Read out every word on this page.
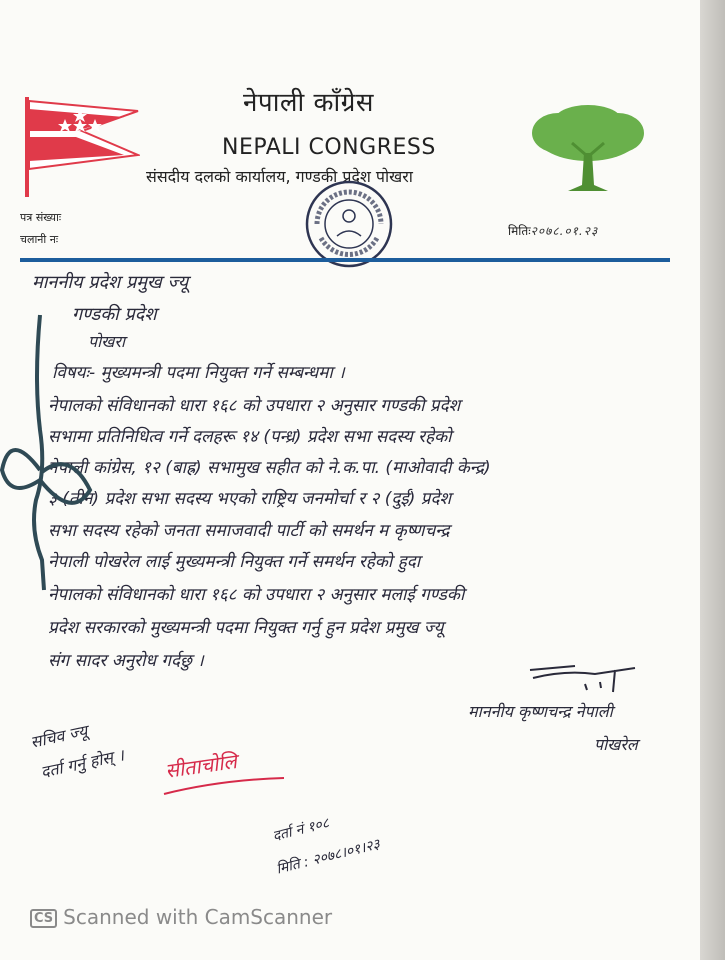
नेपाली काँग्रेस
NEPALI CONGRESS
संसदीय दलको कार्यालय, गण्डकी प्रदेश पोखरा
पत्र संख्याः
चलानी नः
मितिः२०७८.०१.२३
माननीय प्रदेश प्रमुख ज्यू
गण्डकी प्रदेश
पोखरा
विषयः- मुख्यमन्त्री पदमा नियुक्त गर्ने सम्बन्धमा ।
नेपालको संविधानको धारा १६८ को उपधारा २ अनुसार गण्डकी प्रदेश
सभामा प्रतिनिधित्व गर्ने दलहरू १४ (पन्ध्र) प्रदेश सभा सदस्य रहेको
नेपाली कांग्रेस, १२ (बाह्र) सभामुख सहीत को ने.क.पा. (माओवादी केन्द्र)
३ (तीन) प्रदेश सभा सदस्य भएको राष्ट्रिय जनमोर्चा र २ (दुई) प्रदेश
सभा सदस्य रहेको जनता समाजवादी पार्टी को समर्थन म कृष्णचन्द्र
नेपाली पोखरेल लाई मुख्यमन्त्री नियुक्त गर्ने समर्थन रहेको हुदा
नेपालको संविधानको धारा १६८ को उपधारा २ अनुसार मलाई गण्डकी
प्रदेश सरकारको मुख्यमन्त्री पदमा नियुक्त गर्नु हुन प्रदेश प्रमुख ज्यू
संग सादर अनुरोध गर्दछु ।
माननीय कृष्णचन्द्र नेपाली
पोखरेल
सचिव ज्यू
दर्ता गर्नु होस् । सीताचोलि
दर्ता नं १०८
मिति : २०७८।०१।२३
CS Scanned with CamScanner
